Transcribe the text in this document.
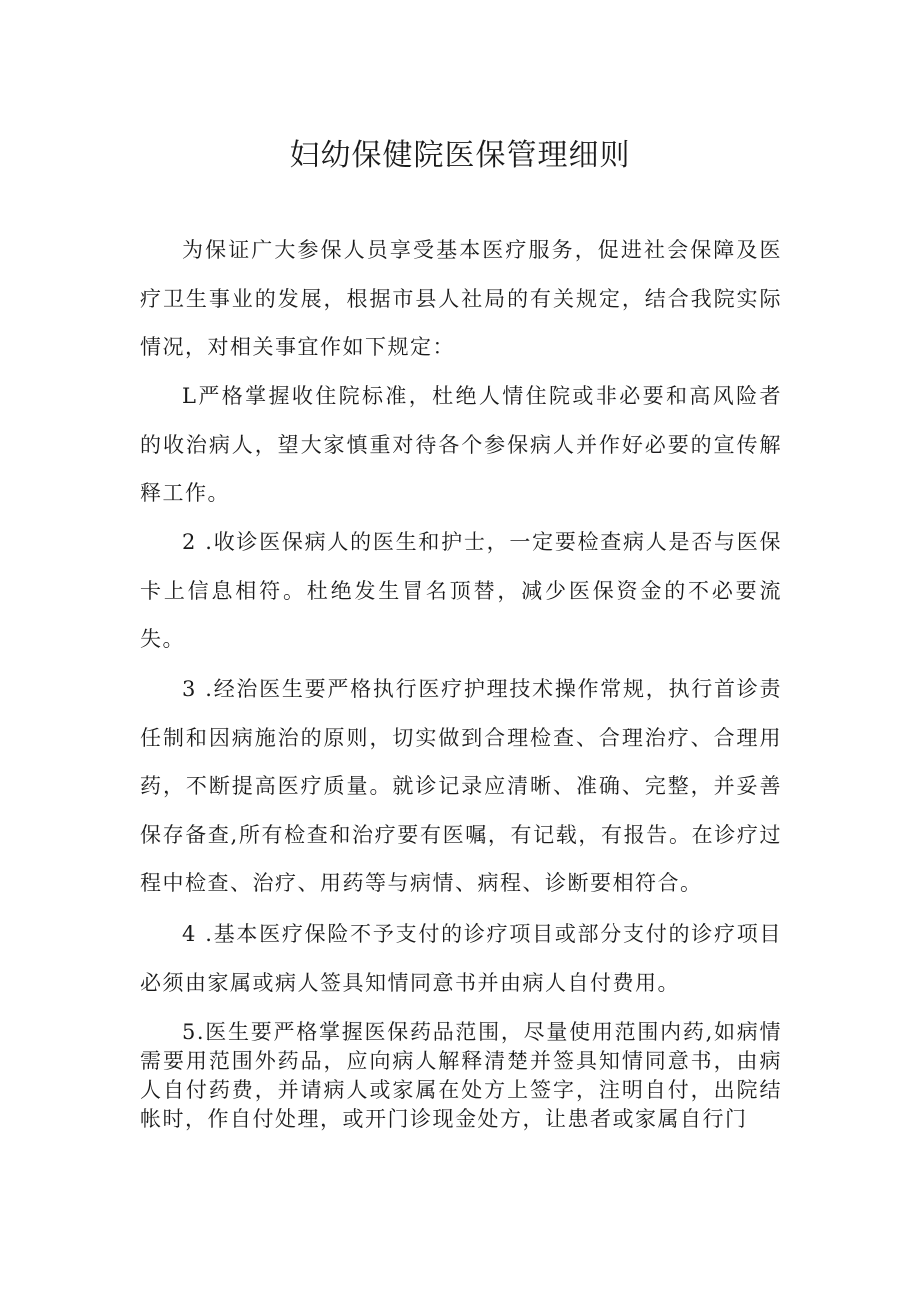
妇幼保健院医保管理细则

为保证广大参保人员享受基本医疗服务，促进社会保障及医疗卫生事业的发展，根据市县人社局的有关规定，结合我院实际情况，对相关事宜作如下规定：

L严格掌握收住院标准，杜绝人情住院或非必要和高风险者的收治病人，望大家慎重对待各个参保病人并作好必要的宣传解释工作。

2 .收诊医保病人的医生和护士，一定要检查病人是否与医保卡上信息相符。杜绝发生冒名顶替，减少医保资金的不必要流失。

3 .经治医生要严格执行医疗护理技术操作常规，执行首诊责任制和因病施治的原则，切实做到合理检查、合理治疗、合理用药，不断提高医疗质量。就诊记录应清晰、准确、完整，并妥善保存备查,所有检查和治疗要有医嘱，有记载，有报告。在诊疗过程中检查、治疗、用药等与病情、病程、诊断要相符合。

4 .基本医疗保险不予支付的诊疗项目或部分支付的诊疗项目必须由家属或病人签具知情同意书并由病人自付费用。

5.医生要严格掌握医保药品范围，尽量使用范围内药,如病情需要用范围外药品，应向病人解释清楚并签具知情同意书，由病人自付药费，并请病人或家属在处方上签字，注明自付，出院结帐时，作自付处理，或开门诊现金处方，让患者或家属自行门
